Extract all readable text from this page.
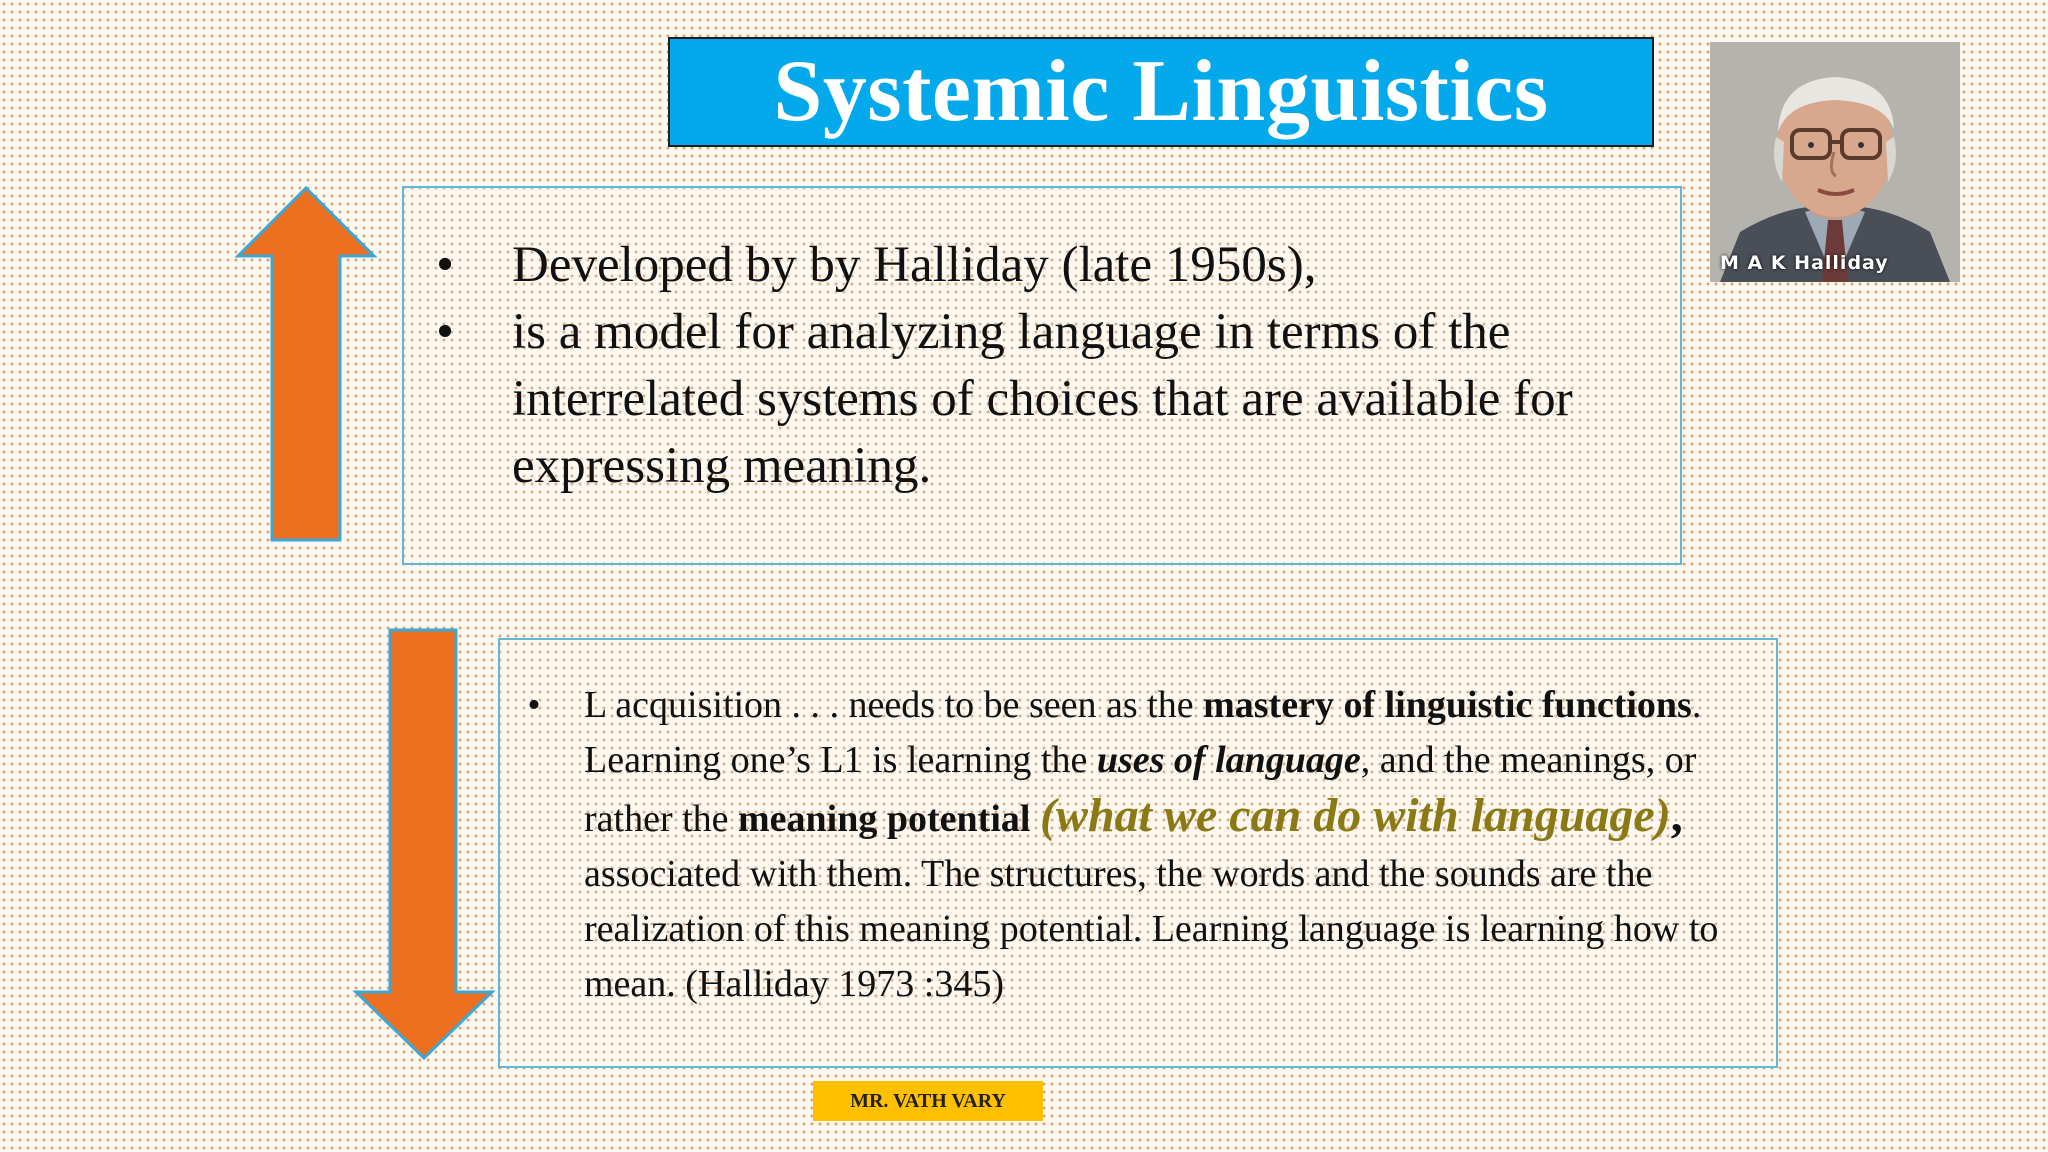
Systemic Linguistics
M A K Halliday
• Developed by by Halliday (late 1950s),
• is a model for analyzing language in terms of the interrelated systems of choices that are available for expressing meaning.
• L acquisition . . . needs to be seen as the mastery of linguistic functions. Learning one’s L1 is learning the uses of language, and the meanings, or rather the meaning potential (what we can do with language), associated with them. The structures, the words and the sounds are the realization of this meaning potential. Learning language is learning how to mean. (Halliday 1973 :345)
MR. VATH VARY
